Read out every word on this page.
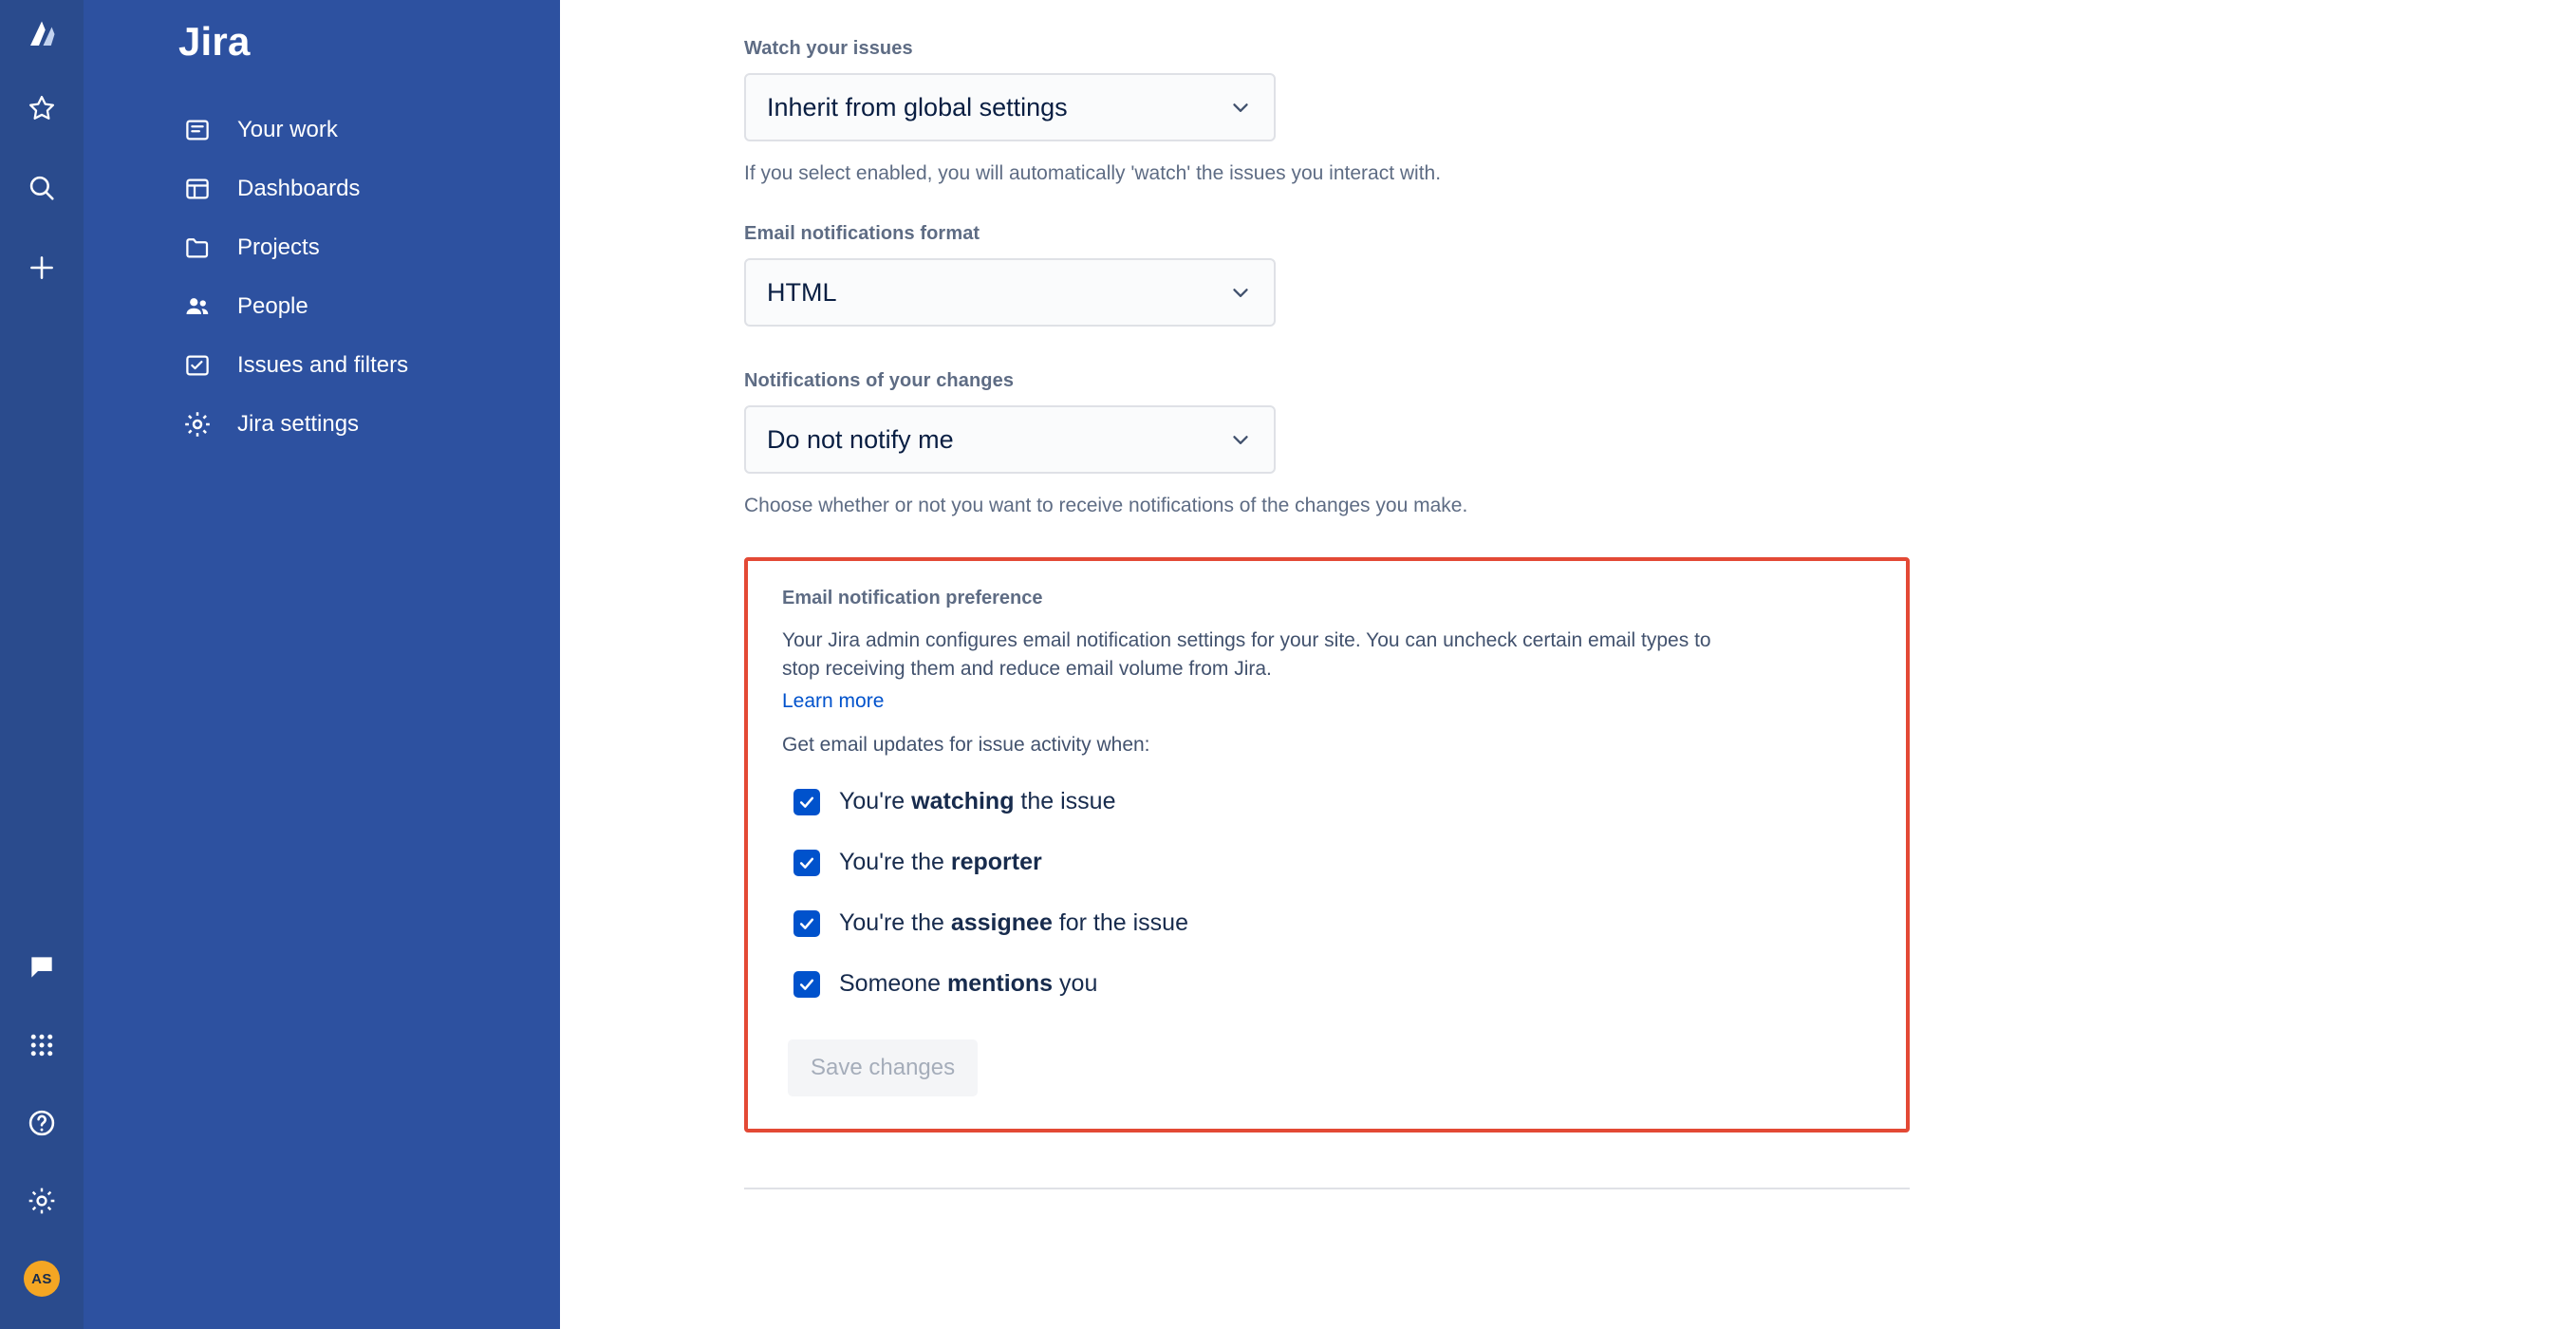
AS
Jira
Your work
Dashboards
Projects
People
Issues and filters
Jira settings
Watch your issues
Inherit from global settings
If you select enabled, you will automatically 'watch' the issues you interact with.
Email notifications format
HTML
Notifications of your changes
Do not notify me
Choose whether or not you want to receive notifications of the changes you make.
Email notification preference
Your Jira admin configures email notification settings for your site. You can uncheck certain email types to stop receiving them and reduce email volume from Jira.
Learn more
Get email updates for issue activity when:
You're watching the issue
You're the reporter
You're the assignee for the issue
Someone mentions you
Save changes
